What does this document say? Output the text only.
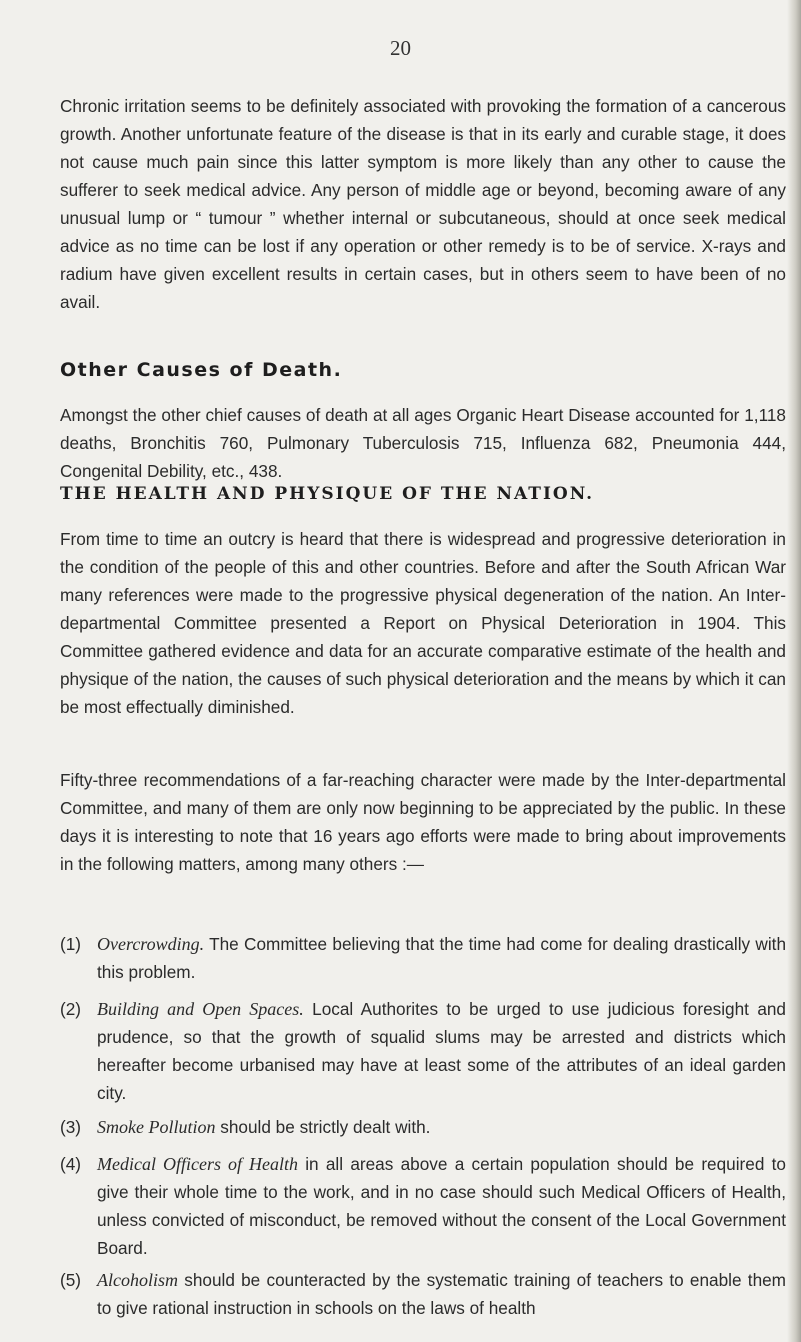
20

Chronic irritation seems to be definitely associated with provoking the formation of a cancerous growth. Another unfortunate feature of the disease is that in its early and curable stage, it does not cause much pain since this latter symptom is more likely than any other to cause the sufferer to seek medical advice. Any person of middle age or beyond, becoming aware of any unusual lump or “ tumour ” whether internal or subcutaneous, should at once seek medical advice as no time can be lost if any operation or other remedy is to be of service. X-rays and radium have given excellent results in certain cases, but in others seem to have been of no avail.

Other Causes of Death.

Amongst the other chief causes of death at all ages Organic Heart Disease accounted for 1,118 deaths, Bronchitis 760, Pulmonary Tuberculosis 715, Influenza 682, Pneumonia 444, Congenital Debility, etc., 438.

THE HEALTH AND PHYSIQUE OF THE NATION.

From time to time an outcry is heard that there is widespread and progressive deterioration in the condition of the people of this and other countries. Before and after the South African War many references were made to the progressive physical degeneration of the nation. An Inter-departmental Committee presented a Report on Physical Deterioration in 1904. This Committee gathered evidence and data for an accurate comparative estimate of the health and physique of the nation, the causes of such physical deterioration and the means by which it can be most effectually diminished.

Fifty-three recommendations of a far-reaching character were made by the Inter-departmental Committee, and many of them are only now beginning to be appreciated by the public. In these days it is interesting to note that 16 years ago efforts were made to bring about improvements in the following matters, among many others :—

(1) Overcrowding. The Committee believing that the time had come for dealing drastically with this problem.
(2) Building and Open Spaces. Local Authorites to be urged to use judicious foresight and prudence, so that the growth of squalid slums may be arrested and districts which hereafter become urbanised may have at least some of the attributes of an ideal garden city.
(3) Smoke Pollution should be strictly dealt with.
(4) Medical Officers of Health in all areas above a certain population should be required to give their whole time to the work, and in no case should such Medical Officers of Health, unless convicted of misconduct, be removed without the consent of the Local Government Board.
(5) Alcoholism should be counteracted by the systematic training of teachers to enable them to give rational instruction in schools on the laws of health
